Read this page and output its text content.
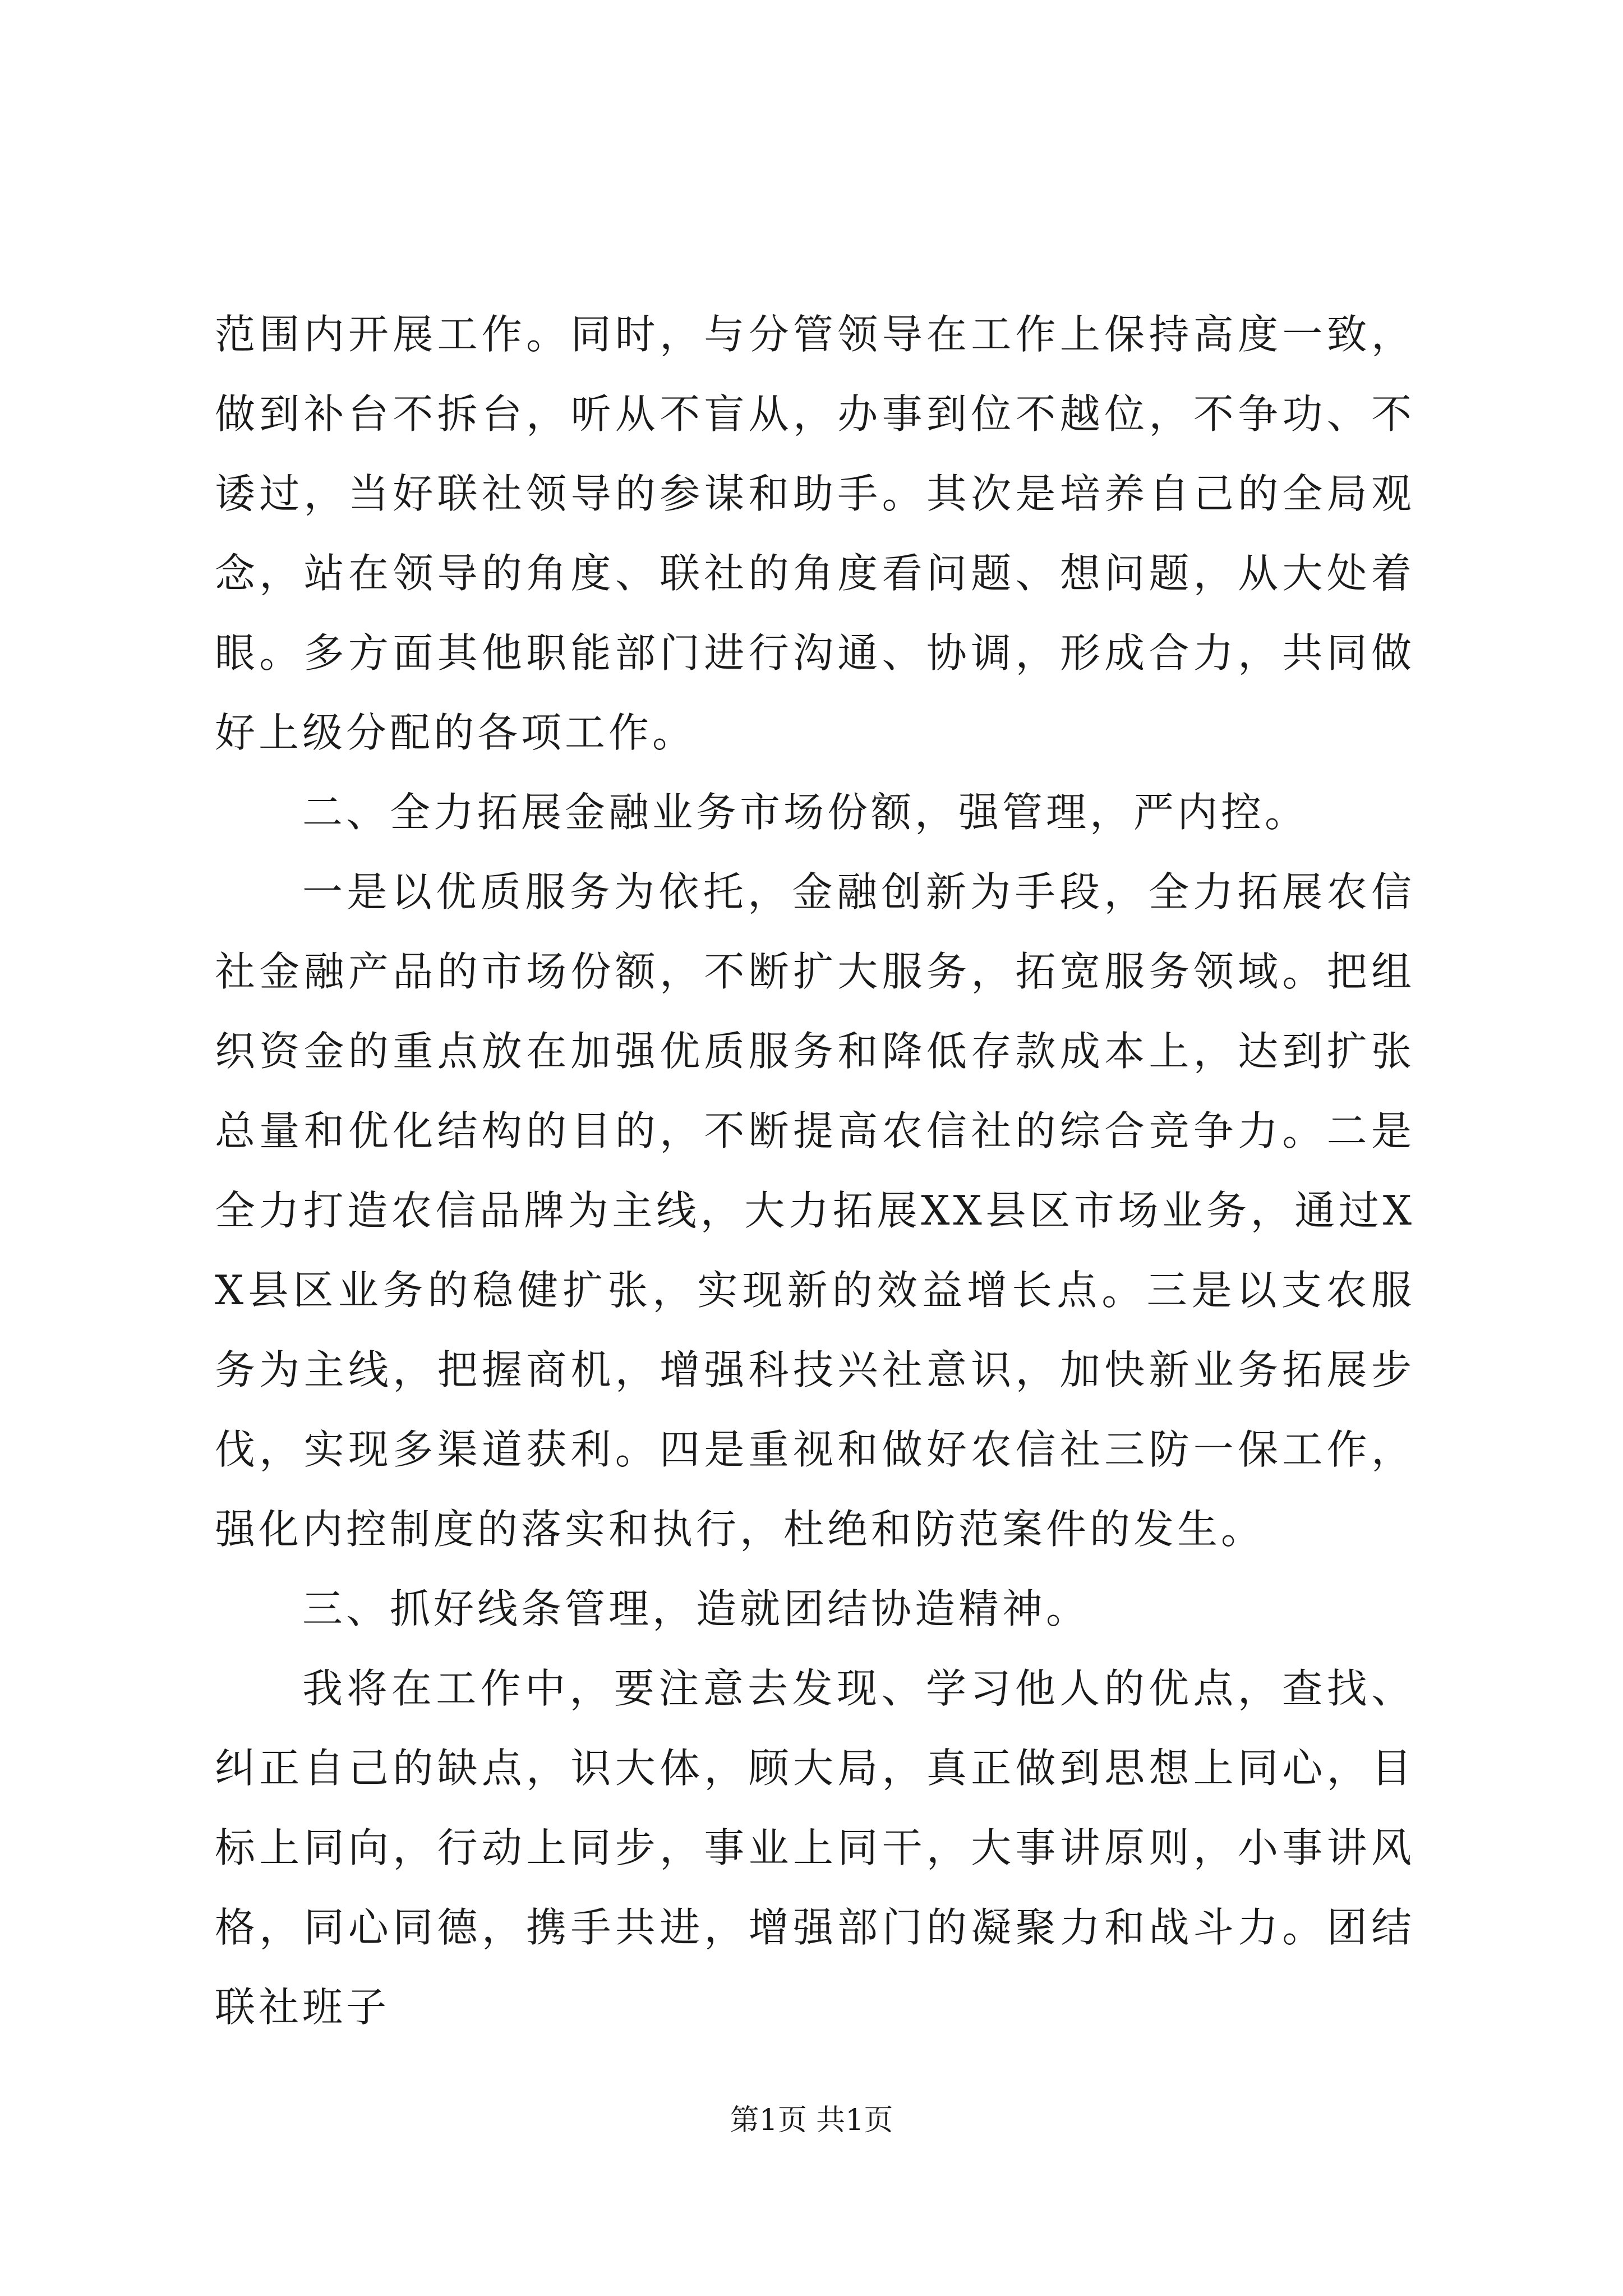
范围内开展工作。同时，与分管领导在工作上保持高度一致，做到补台不拆台，听从不盲从，办事到位不越位，不争功、不诿过，当好联社领导的参谋和助手。其次是培养自己的全局观念，站在领导的角度、联社的角度看问题、想问题，从大处着眼。多方面其他职能部门进行沟通、协调，形成合力，共同做好上级分配的各项工作。

二、全力拓展金融业务市场份额，强管理，严内控。

一是以优质服务为依托，金融创新为手段，全力拓展农信社金融产品的市场份额，不断扩大服务，拓宽服务领域。把组织资金的重点放在加强优质服务和降低存款成本上，达到扩张总量和优化结构的目的，不断提高农信社的综合竞争力。二是全力打造农信品牌为主线，大力拓展XX县区市场业务，通过XX县区业务的稳健扩张，实现新的效益增长点。三是以支农服务为主线，把握商机，增强科技兴社意识，加快新业务拓展步伐，实现多渠道获利。四是重视和做好农信社三防一保工作，强化内控制度的落实和执行，杜绝和防范案件的发生。

三、抓好线条管理，造就团结协造精神。

我将在工作中，要注意去发现、学习他人的优点，查找、纠正自己的缺点，识大体，顾大局，真正做到思想上同心，目标上同向，行动上同步，事业上同干，大事讲原则，小事讲风格，同心同德，携手共进，增强部门的凝聚力和战斗力。团结联社班子

第1页 共1页
